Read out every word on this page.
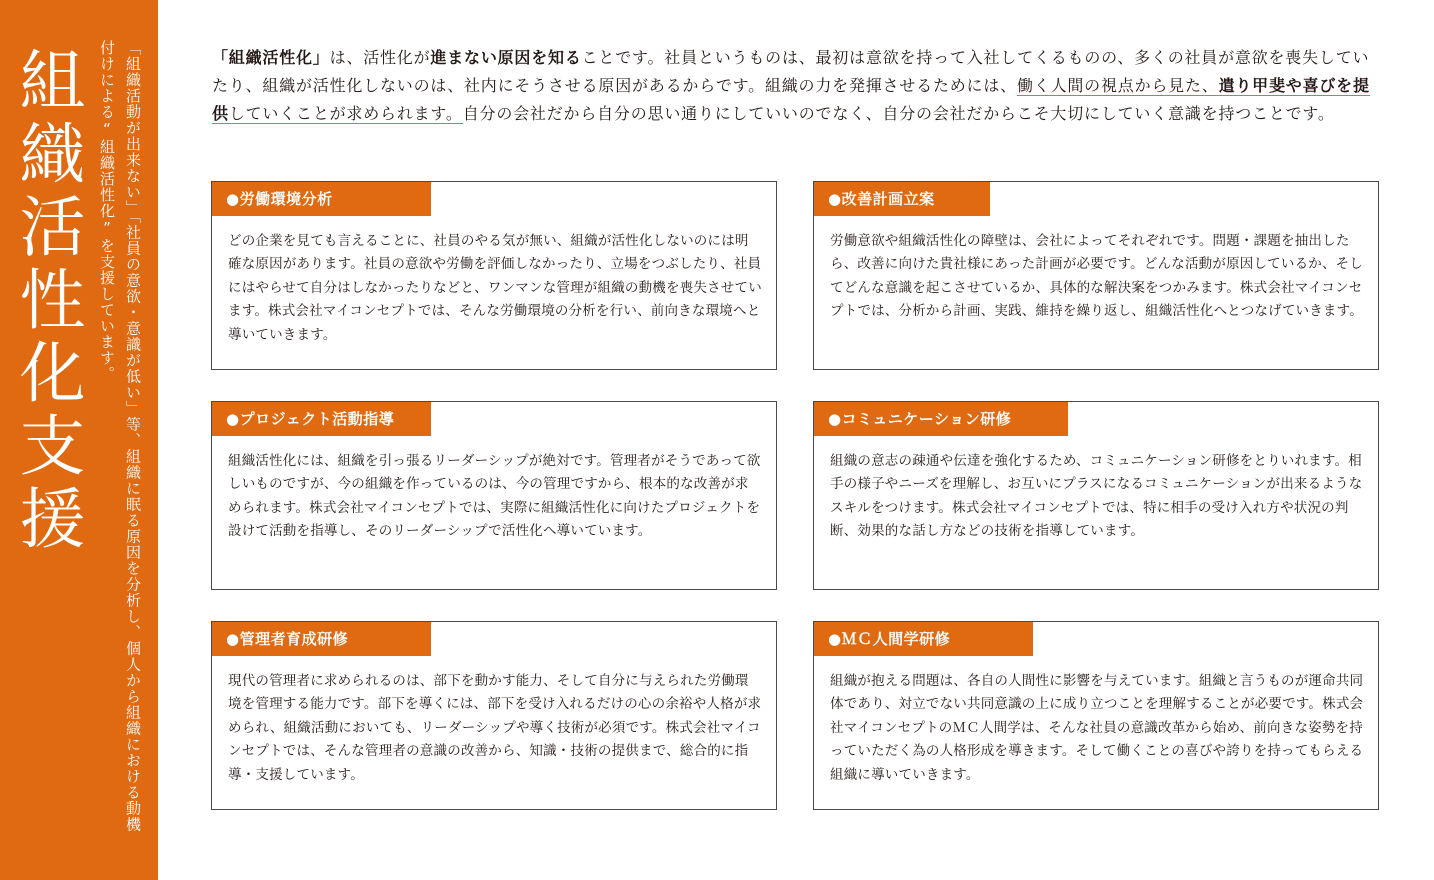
組織活性化支援	「組織活動が出来ない」「社員の意欲・意識が低い」等、組織に眠る原因を分析し、個人から組織における動機付けによる“組織活性化”を支援しています。	「組織活性化」は、活性化が進まない原因を知ることです。社員というものは、最初は意欲を持って入社してくるものの、多くの社員が意欲を喪失していたり、組織が活性化しないのは、社内にそうさせる原因があるからです。組織の力を発揮させるためには、働く人間の視点から見た、遣り甲斐や喜びを提供していくことが求められます。自分の会社だから自分の思い通りにしていいのでなく、自分の会社だからこそ大切にしていく意識を持つことです。

●労働環境分析

どの企業を見ても言えることに、社員のやる気が無い、組織が活性化しないのには明確な原因があります。社員の意欲や労働を評価しなかったり、立場をつぶしたり、社員にはやらせて自分はしなかったりなどと、ワンマンな管理が組織の動機を喪失させています。株式会社マイコンセプトでは、そんな労働環境の分析を行い、前向きな環境へと導いていきます。

●改善計画立案

労働意欲や組織活性化の障壁は、会社によってそれぞれです。問題・課題を抽出したら、改善に向けた貴社様にあった計画が必要です。どんな活動が原因しているか、そしてどんな意識を起こさせているか、具体的な解決案をつかみます。株式会社マイコンセプトでは、分析から計画、実践、維持を繰り返し、組織活性化へとつなげていきます。

●プロジェクト活動指導

組織活性化には、組織を引っ張るリーダーシップが絶対です。管理者がそうであって欲しいものですが、今の組織を作っているのは、今の管理ですから、根本的な改善が求められます。株式会社マイコンセプトでは、実際に組織活性化に向けたプロジェクトを設けて活動を指導し、そのリーダーシップで活性化へ導いています。

●コミュニケーション研修

組織の意志の疎通や伝達を強化するため、コミュニケーション研修をとりいれます。相手の様子やニーズを理解し、お互いにプラスになるコミュニケーションが出来るようなスキルをつけます。株式会社マイコンセプトでは、特に相手の受け入れ方や状況の判断、効果的な話し方などの技術を指導しています。

●管理者育成研修

現代の管理者に求められるのは、部下を動かす能力、そして自分に与えられた労働環境を管理する能力です。部下を導くには、部下を受け入れるだけの心の余裕や人格が求められ、組織活動においても、リーダーシップや導く技術が必須です。株式会社マイコンセプトでは、そんな管理者の意識の改善から、知識・技術の提供まで、総合的に指導・支援しています。

●ＭＣ人間学研修

組織が抱える問題は、各自の人間性に影響を与えています。組織と言うものが運命共同体であり、対立でない共同意識の上に成り立つことを理解することが必要です。株式会社マイコンセプトのＭＣ人間学は、そんな社員の意識改革から始め、前向きな姿勢を持っていただく為の人格形成を導きます。そして働くことの喜びや誇りを持ってもらえる組織に導いていきます。
